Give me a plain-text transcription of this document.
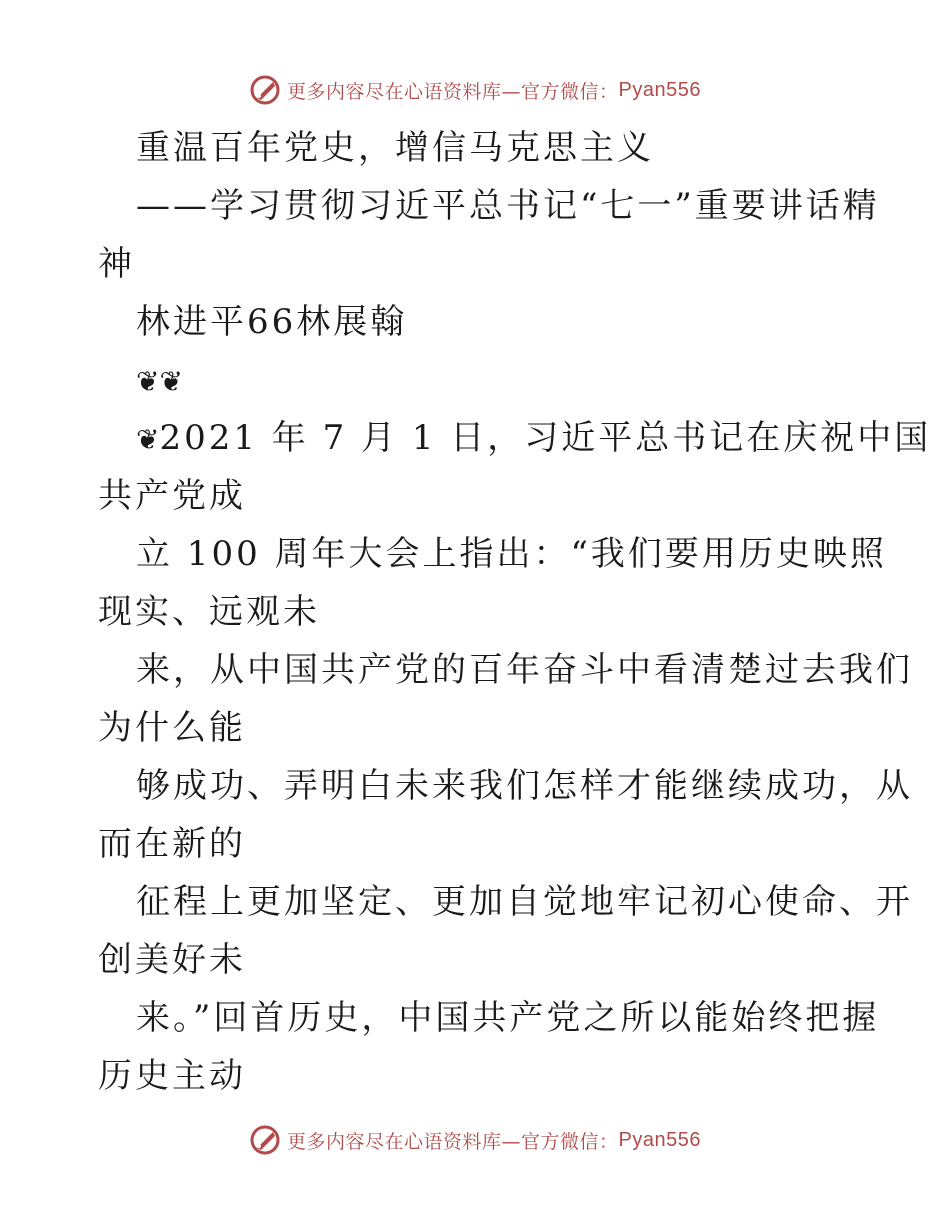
更多内容尽在心语资料库—官方微信： Pyan556
重温百年党史，增信马克思主义
——学习贯彻习近平总书记“七一”重要讲话精
神
林进平66林展翰
❦❦
❦2021 年 7 月 1 日，习近平总书记在庆祝中国
共产党成
立 100 周年大会上指出：“我们要用历史映照
现实、远观未
来，从中国共产党的百年奋斗中看清楚过去我们
为什么能
够成功、弄明白未来我们怎样才能继续成功，从
而在新的
征程上更加坚定、更加自觉地牢记初心使命、开
创美好未
来。”回首历史，中国共产党之所以能始终把握
历史主动
更多内容尽在心语资料库—官方微信： Pyan556
